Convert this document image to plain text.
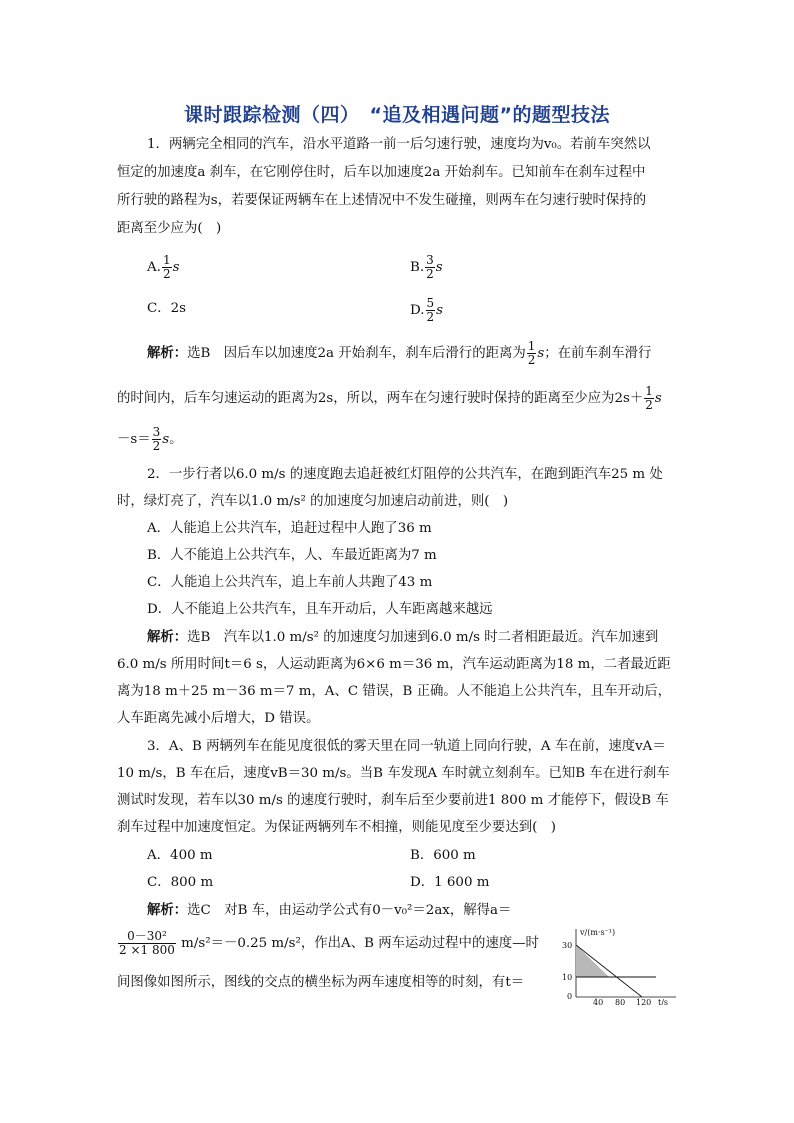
课时跟踪检测（四）　“追及相遇问题”的题型技法
1．两辆完全相同的汽车，沿水平道路一前一后匀速行驶，速度均为v₀。若前车突然以
恒定的加速度a 刹车，在它刚停住时，后车以加速度2a 开始刹车。已知前车在刹车过程中
所行驶的路程为s，若要保证两辆车在上述情况中不发生碰撞，则两车在匀速行驶时保持的
距离至少应为(　)
A. $\frac{1}{2}$ s	B. $\frac{3}{2}$ s
C．2s	D. $\frac{5}{2}$ s
解析：选B　因后车以加速度2a 开始刹车，刹车后滑行的距离为 $\frac{1}{2}$ s；在前车刹车滑行
的时间内，后车匀速运动的距离为2s，所以，两车在匀速行驶时保持的距离至少应为$2s+ \frac{1}{2}$ s
$-s= \frac{3}{2}$ s。
2．一步行者以6.0 m/s 的速度跑去追赶被红灯阻停的公共汽车，在跑到距汽车25 m 处
时，绿灯亮了，汽车以1.0 m/s² 的加速度匀加速启动前进，则(　)
A．人能追上公共汽车，追赶过程中人跑了36 m
B．人不能追上公共汽车，人、车最近距离为7 m
C．人能追上公共汽车，追上车前人共跑了43 m
D．人不能追上公共汽车，且车开动后，人车距离越来越远
解析：选B　汽车以1.0 m/s² 的加速度匀加速到6.0 m/s 时二者相距最近。汽车加速到
6.0 m/s 所用时间t＝6 s，人运动距离为6×6 m＝36 m，汽车运动距离为18 m，二者最近距
离为18 m＋25 m－36 m＝7 m，A、C 错误，B 正确。人不能追上公共汽车，且车开动后，
人车距离先减小后增大，D 错误。
3．A、B 两辆列车在能见度很低的雾天里在同一轨道上同向行驶，A 车在前，速度vA＝
10 m/s，B 车在后，速度vB＝30 m/s。当B 车发现A 车时就立刻刹车。已知B 车在进行刹车
测试时发现，若车以30 m/s 的速度行驶时，刹车后至少要前进1 800 m 才能停下，假设B 车
刹车过程中加速度恒定。为保证两辆列车不相撞，则能见度至少要达到(　)
A．400 m	B．600 m
C．800 m	D．1 600 m
解析：选C　对B 车，由运动学公式有0－v₀²＝2ax，解得a＝
$\frac{\text{0－30²}}{2 \times 1 800} m/s^2=-0.25$ m/s²，作出A、B 两车运动过程中的速度—时
间图像如图所示，图线的交点的横坐标为两车速度相等的时刻，有t＝
v/(m·s⁻¹)
30
10
0
40 80 120 t/s
